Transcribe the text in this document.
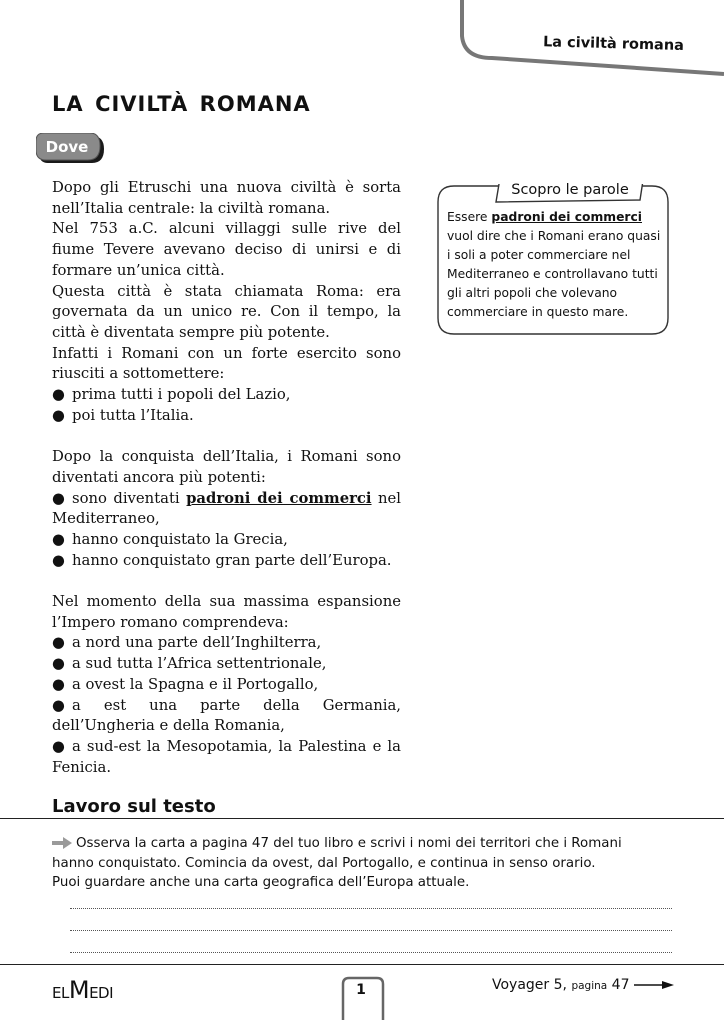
La civiltà romana
la civiltà romana
Dove

Dopo gli Etruschi una nuova civiltà è sorta nell’Italia centrale: la civiltà romana.

Nel 753 a.C. alcuni villaggi sulle rive del fiume Tevere avevano deciso di unirsi e di formare un’unica città.

Questa città è stata chiamata Roma: era governata da un unico re. Con il tempo, la città è diventata sempre più potente.

Infatti i Romani con un forte esercito sono riusciti a sottomettere:

● prima tutti i popoli del Lazio,
● poi tutta l’Italia.

Dopo la conquista dell’Italia, i Romani sono diventati ancora più potenti:

● sono diventati padroni dei commerci nel Mediterraneo,

● hanno conquistato la Grecia,
● hanno conquistato gran parte dell’Europa.

Nel momento della sua massima espansione l’Impero romano comprendeva:

● a nord una parte dell’Inghilterra,
● a sud tutta l’Africa settentrionale,
● a ovest la Spagna e il Portogallo,

● a est una parte della Germania, dell’Ungheria e della Romania,

● a sud-est la Mesopotamia, la Palestina e la Fenicia.

Scopro le parole
Essere padroni dei commerci vuol dire che i Romani erano quasi i soli a poter commerciare nel Mediterraneo e controllavano tutti gli altri popoli che volevano commerciare in questo mare.
Lavoro sul testo

Osserva la carta a pagina 47 del tuo libro e scrivi i nomi dei territori che i Romani

hanno conquistato. Comincia da ovest, dal Portogallo, e continua in senso orario.

Puoi guardare anche una carta geografica dell’Europa attuale.

ELMEDI	1	Voyager 5, pagina 47
